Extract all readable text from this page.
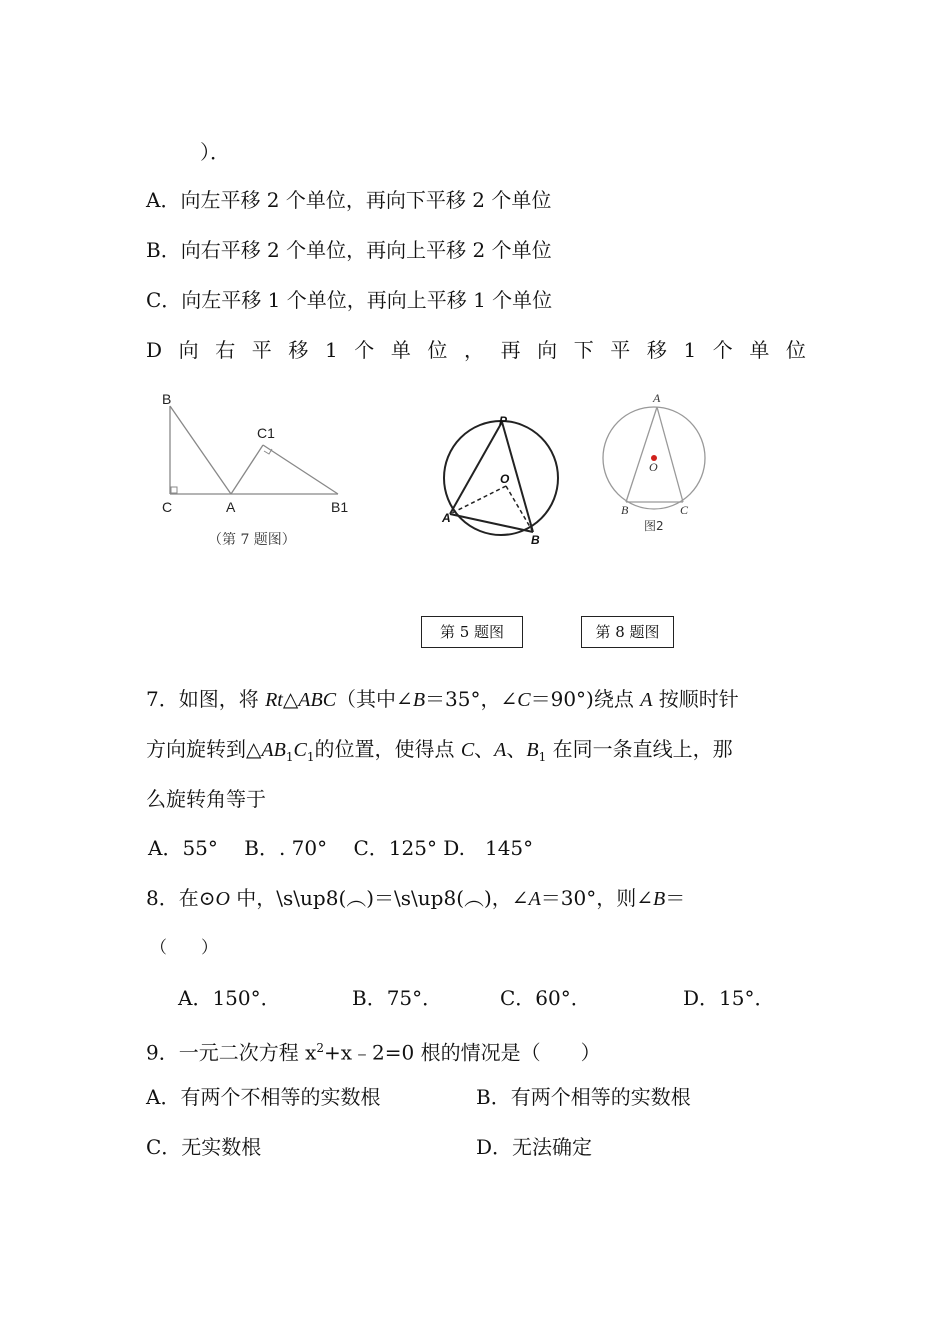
）．
A．向左平移 2 个单位，再向下平移 2 个单位
B．向右平移 2 个单位，再向上平移 2 个单位
C．向左平移 1 个单位，再向上平移 1 个单位
D 向 右 平 移 1 个 单 位 ， 再 向 下 平 移 1 个 单 位
B
C1
C	A	B1
（第 7 题图）
P
O
A
B
A
O
B	C
图2
第 5 题图	第 8 题图
7．如图，将 Rt△ABC（其中∠B＝35°，∠C＝90°)绕点 A 按顺时针
方向旋转到$\triangle AB_1C_1$的位置，使得点 C、A、$B_1$ 在同一条直线上，那
么旋转角等于
A．55°　 B．. 70°　 C．125° D.　145°
8．在⊙O 中，\s\up8(︵)＝\s\up8(︵)，∠A＝30°，则∠B＝
（　　）
A．150°．	B．75°．	C．60°．	D．15°．
9．一元二次方程 $x^2+x﹣2=0$ 根的情况是（　　）
A．有两个不相等的实数根	B．有两个相等的实数根
C．无实数根	D．无法确定
